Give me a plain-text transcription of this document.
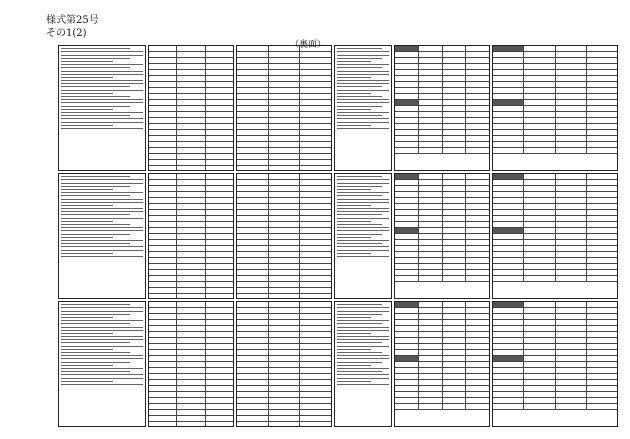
様式第25号
その1(2)
（裏面）
